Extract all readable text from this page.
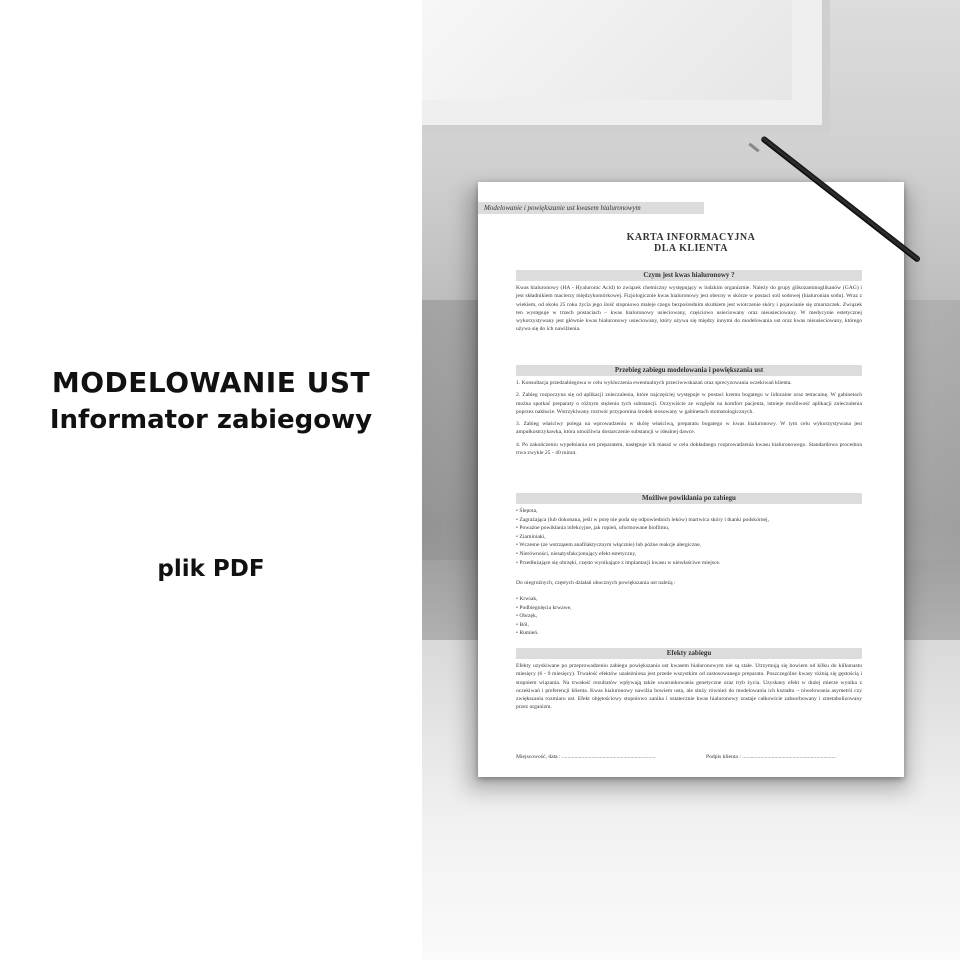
MODELOWANIE UST
Informator zabiegowy
plik PDF
Modelowanie i powiększanie ust kwasem hialuronowym
KARTA INFORMACYJNA
DLA KLIENTA
Czym jest kwas hialuronowy ?
Kwas hialuronowy (HA - Hyaluronic Acid) to związek chemiczny występujący w ludzkim organizmie. Należy do grupy glikozaminoglikanów (GAG) i jest składnikiem macierzy międzykomórkowej. Fizjologicznie kwas hialuronowy jest obecny w skórze w postaci soli sodowej (hialuronian sodu). Wraz z wiekiem, od około 25 roku życia jego ilość stopniowo maleje czego bezpośrednim skutkiem jest wiotczenie skóry i pojawianie się zmarszczek. Związek ten występuje w trzech postaciach – kwas hialuronowy usieciowany, częściowo usieciowany oraz nieusieciowany. W medycynie estetycznej wykorzystywany jest głównie kwas hialuronowy usieciowany, który używa się między innymi do modelowania ust oraz kwas nieusieciowany, którego używa się do ich nawilżenia.
Przebieg zabiegu modelowania i powiększania ust
1. Konsultacja przedzabiegowa w celu wykluczenia ewentualnych przeciwwskazań oraz sprecyzowania oczekiwań klienta.
2. Zabieg rozpoczyna się od aplikacji znieczulenia, które najczęściej występuje w postaci kremu bogatego w lidocaine oraz tetracainę. W gabinetach można spotkać preparaty o różnym stężeniu tych substancji. Oczywiście ze względu na komfort pacjenta, istnieje możliwość aplikacji znieczulenia poprzez nakłucie. Wstrzykiwany roztwór przypomina środek stosowany w gabinetach stomatologicznych.
3. Zabieg właściwy polega na wprowadzeniu w skórę właściwą, preparatu bogatego w kwas hialuronowy. W tym celu wykorzystywana jest ampułkostrzykawka, która umożliwia dostarczenie substancji w idealnej dawce.
4. Po zakończeniu wypełniania ust preparatem, następuje ich masaż w celu dokładnego rozprowadzenia kwasu hialuronowego. Standardowa procedura trwa zwykle 25 - 40 minut.
Możliwe powikłania po zabiegu
• Ślepota,
• Zagrażająca (lub dokonana, jeśli w porę nie poda się odpowiednich leków) martwica skóry i tkanki podskórnej,
• Poważne powikłania infekcyjne, jak ropień, uformowane biofilmu,
• Ziarniniaki,
• Wczesne (ze wstrząsem anafilaktycznym włącznie) lub późne reakcje alergiczne,
• Nierówności, niesatysfakcjonujący efekt estetyczny,
• Przedłużające się obrzęki, często wynikające z implantacji kwasu w niewłaściwe miejsce.
Do niegroźnych, częstych działań ubocznych powiększania ust należą :
• Krwiak,
• Podbiegnięcia krwawe,
• Obrzęk,
• Ból,
• Rumień.
Efekty zabiegu
Efekty uzyskiwane po przeprowadzeniu zabiegu powiększania ust kwasem hialuronowym nie są stałe. Utrzymują się bowiem od kilku do kilkunastu miesięcy (6 - 9 miesięcy). Trwałość efektów uzależniona jest przede wszystkim od zastosowanego preparatu. Poszczególne kwasy różnią się gęstością i stopniem wiązania. Na trwałość rezultatów wpływają także uwarunkowania genetyczne oraz tryb życia. Uzyskany efekt w dużej mierze wynika z oczekiwań i preferencji klienta. Kwas hialuronowy nawilża bowiem usta, ale służy również do modelowania ich kształtu – niwelowania asymetrii czy zwiększania rozmiaru ust. Efekt objętościowy stopniowo zanika i ostatecznie kwas hialuronowy zostaje całkowicie zabsorbowany i zmetabolizowany przez organizm.
Miejscowość, data : ...................................................................	Podpis klienta : ...................................................................
